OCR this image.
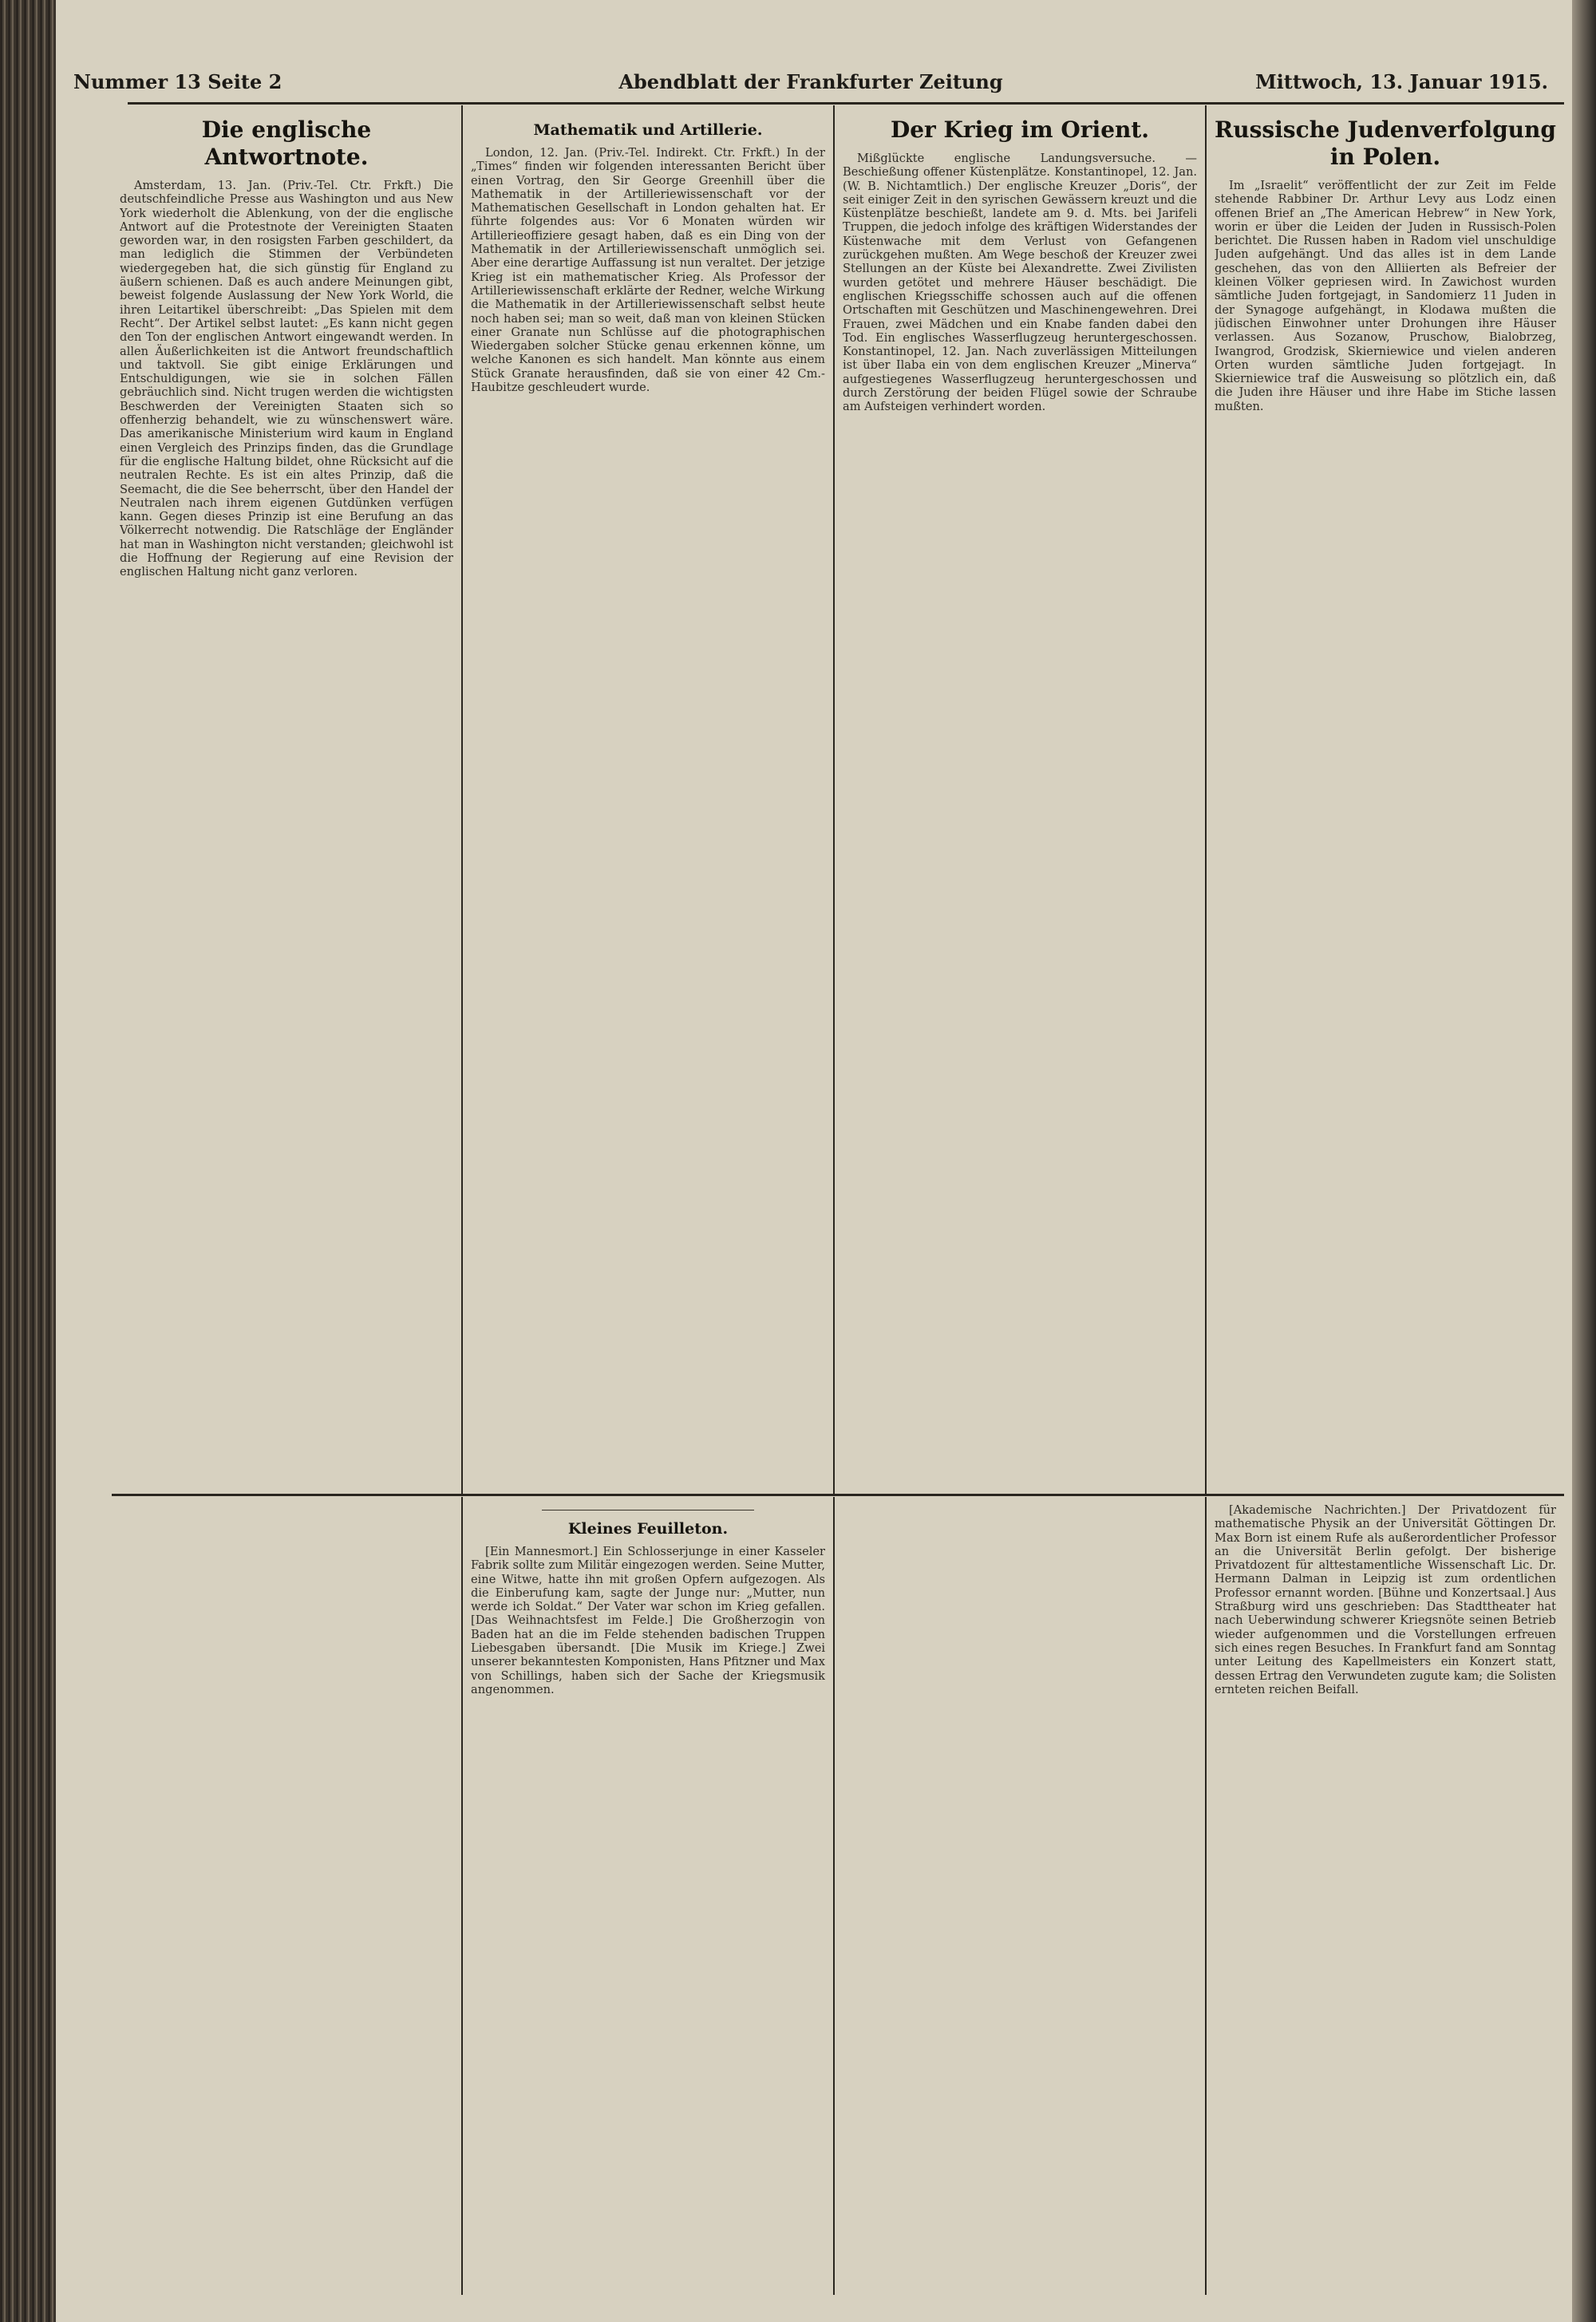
Nummer 13 Seite 2	Abendblatt der Frankfurter Zeitung	Mittwoch, 13. Januar 1915.
Die englische Antwortnote.

Amsterdam, 13. Jan. (Priv.-Tel. Ctr. Frkft.) Die deutschfeindliche Presse aus Washington und aus New York wiederholt die Ablenkung, von der die englische Antwort auf die Protestnote der Vereinigten Staaten geworden war, in den rosigsten Farben geschildert, da man lediglich die Stimmen der Verbündeten wiedergegeben hat, die sich günstig für England zu äußern schienen. Daß es auch andere Meinungen gibt, beweist folgende Auslassung der New York World, die ihren Leitartikel überschreibt: „Das Spielen mit dem Recht“. Der Artikel selbst lautet: „Es kann nicht gegen den Ton der englischen Antwort eingewandt werden. In allen Äußerlichkeiten ist die Antwort freundschaftlich und taktvoll. Sie gibt einige Erklärungen und Entschuldigungen, wie sie in solchen Fällen gebräuchlich sind. Nicht trugen werden die wichtigsten Beschwerden der Vereinigten Staaten sich so offenherzig behandelt, wie zu wünschenswert wäre. Das amerikanische Ministerium wird kaum in England einen Vergleich des Prinzips finden, das die Grundlage für die englische Haltung bildet, ohne Rücksicht auf die neutralen Rechte. Es ist ein altes Prinzip, daß die Seemacht, die die See beherrscht, über den Handel der Neutralen nach ihrem eigenen Gutdünken verfügen kann. Gegen dieses Prinzip ist eine Berufung an das Völkerrecht notwendig. Die Ratschläge der Engländer hat man in Washington nicht verstanden; gleichwohl ist die Hoffnung der Regierung auf eine Revision der englischen Haltung nicht ganz verloren.

Mathematik und Artillerie.

London, 12. Jan. (Priv.-Tel. Indirekt. Ctr. Frkft.) In der „Times“ finden wir folgenden interessanten Bericht über einen Vortrag, den Sir George Greenhill über die Mathematik in der Artilleriewissenschaft vor der Mathematischen Gesellschaft in London gehalten hat. Er führte folgendes aus: Vor 6 Monaten würden wir Artillerieoffiziere gesagt haben, daß es ein Ding von der Mathematik in der Artilleriewissenschaft unmöglich sei. Aber eine derartige Auffassung ist nun veraltet. Der jetzige Krieg ist ein mathematischer Krieg. Als Professor der Artilleriewissenschaft erklärte der Redner, welche Wirkung die Mathematik in der Artilleriewissenschaft selbst heute noch haben sei; man so weit, daß man von kleinen Stücken einer Granate nun Schlüsse auf die photographischen Wiedergaben solcher Stücke genau erkennen könne, um welche Kanonen es sich handelt. Man könnte aus einem Stück Granate herausfinden, daß sie von einer 42 Cm.-Haubitze geschleudert wurde.

Der Krieg im Orient.

Mißglückte englische Landungsversuche. — Beschießung offener Küstenplätze. Konstantinopel, 12. Jan. (W. B. Nichtamtlich.) Der englische Kreuzer „Doris“, der seit einiger Zeit in den syrischen Gewässern kreuzt und die Küstenplätze beschießt, landete am 9. d. Mts. bei Jarifeli Truppen, die jedoch infolge des kräftigen Widerstandes der Küstenwache mit dem Verlust von Gefangenen zurückgehen mußten. Am Wege beschoß der Kreuzer zwei Stellungen an der Küste bei Alexandrette. Zwei Zivilisten wurden getötet und mehrere Häuser beschädigt. Die englischen Kriegsschiffe schossen auch auf die offenen Ortschaften mit Geschützen und Maschinengewehren. Drei Frauen, zwei Mädchen und ein Knabe fanden dabei den Tod. Ein englisches Wasserflugzeug heruntergeschossen. Konstantinopel, 12. Jan. Nach zuverlässigen Mitteilungen ist über Ilaba ein von dem englischen Kreuzer „Minerva“ aufgestiegenes Wasserflugzeug heruntergeschossen und durch Zerstörung der beiden Flügel sowie der Schraube am Aufsteigen verhindert worden.

Russische Judenverfolgung in Polen.

Im „Israelit“ veröffentlicht der zur Zeit im Felde stehende Rabbiner Dr. Arthur Levy aus Lodz einen offenen Brief an „The American Hebrew“ in New York, worin er über die Leiden der Juden in Russisch-Polen berichtet. Die Russen haben in Radom viel unschuldige Juden aufgehängt. Und das alles ist in dem Lande geschehen, das von den Alliierten als Befreier der kleinen Völker gepriesen wird. In Zawichost wurden sämtliche Juden fortgejagt, in Sandomierz 11 Juden in der Synagoge aufgehängt, in Klodawa mußten die jüdischen Einwohner unter Drohungen ihre Häuser verlassen. Aus Sozanow, Pruschow, Bialobrzeg, Iwangrod, Grodzisk, Skierniewice und vielen anderen Orten wurden sämtliche Juden fortgejagt. In Skierniewice traf die Ausweisung so plötzlich ein, daß die Juden ihre Häuser und ihre Habe im Stiche lassen mußten.

Kleines Feuilleton.

[Ein Mannesmort.] Ein Schlosserjunge in einer Kasseler Fabrik sollte zum Militär eingezogen werden. Seine Mutter, eine Witwe, hatte ihn mit großen Opfern aufgezogen. Als die Einberufung kam, sagte der Junge nur: „Mutter, nun werde ich Soldat.“ Der Vater war schon im Krieg gefallen. [Das Weihnachtsfest im Felde.] Die Großherzogin von Baden hat an die im Felde stehenden badischen Truppen Liebesgaben übersandt. [Die Musik im Kriege.] Zwei unserer bekanntesten Komponisten, Hans Pfitzner und Max von Schillings, haben sich der Sache der Kriegsmusik angenommen.

[Akademische Nachrichten.] Der Privatdozent für mathematische Physik an der Universität Göttingen Dr. Max Born ist einem Rufe als außerordentlicher Professor an die Universität Berlin gefolgt. Der bisherige Privatdozent für alttestamentliche Wissenschaft Lic. Dr. Hermann Dalman in Leipzig ist zum ordentlichen Professor ernannt worden. [Bühne und Konzertsaal.] Aus Straßburg wird uns geschrieben: Das Stadttheater hat nach Ueberwindung schwerer Kriegsnöte seinen Betrieb wieder aufgenommen und die Vorstellungen erfreuen sich eines regen Besuches. In Frankfurt fand am Sonntag unter Leitung des Kapellmeisters ein Konzert statt, dessen Ertrag den Verwundeten zugute kam; die Solisten ernteten reichen Beifall.
